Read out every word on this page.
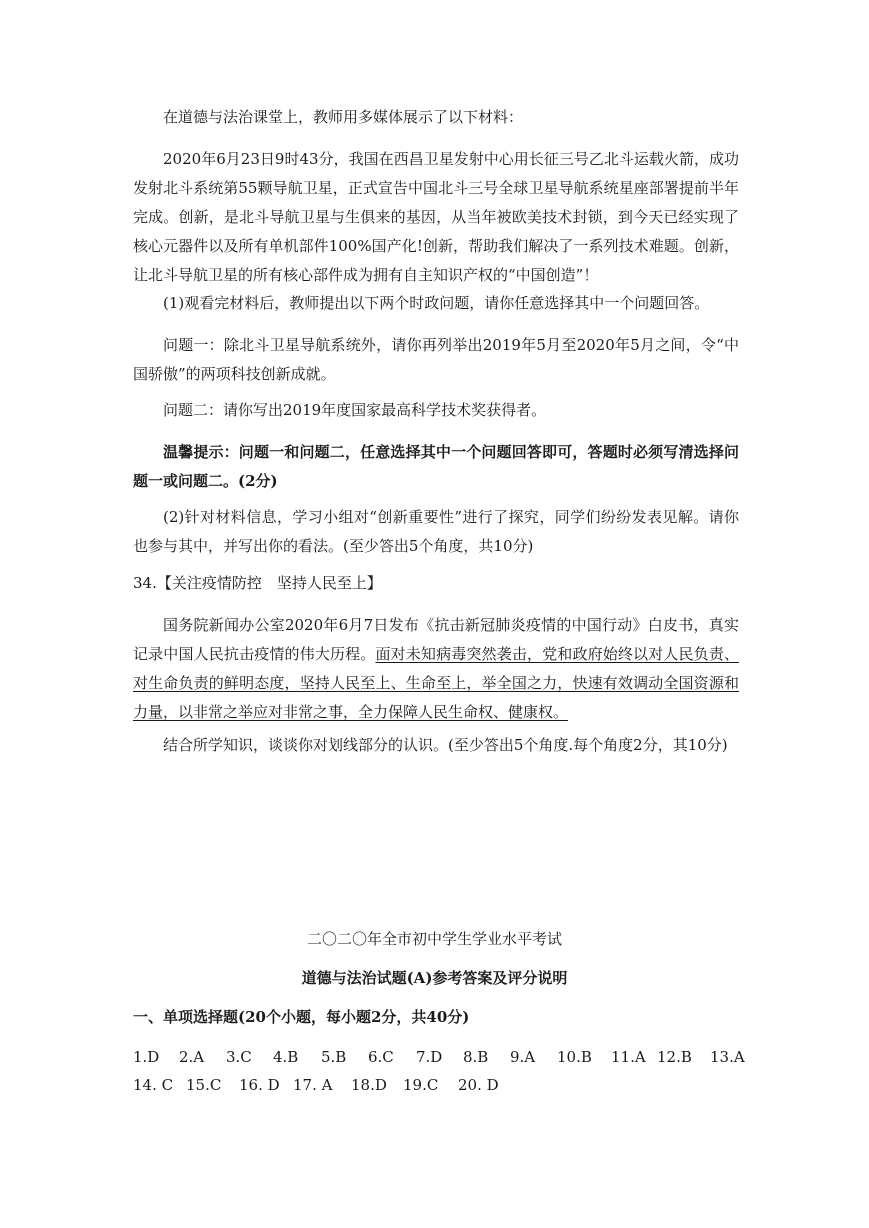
在道德与法治课堂上，教师用多媒体展示了以下材料：

2020年6月23日9时43分，我国在西昌卫星发射中心用长征三号乙北斗运载火箭，成功发射北斗系统第55颗导航卫星，正式宣告中国北斗三号全球卫星导航系统星座部署提前半年完成。创新，是北斗导航卫星与生俱来的基因，从当年被欧美技术封锁，到今天已经实现了核心元器件以及所有单机部件100%国产化!创新，帮助我们解决了一系列技术难题。创新，让北斗导航卫星的所有核心部件成为拥有自主知识产权的“中国创造”！

(1)观看完材料后，教师提出以下两个时政问题，请你任意选择其中一个问题回答。

问题一：除北斗卫星导航系统外，请你再列举出2019年5月至2020年5月之间，令“中国骄傲”的两项科技创新成就。

问题二：请你写出2019年度国家最高科学技术奖获得者。

温馨提示：问题一和问题二，任意选择其中一个问题回答即可，答题时必须写清选择问题一或问题二。(2分)

(2)针对材料信息，学习小组对“创新重要性”进行了探究，同学们纷纷发表见解。请你也参与其中，并写出你的看法。(至少答出5个角度，共10分)

34.【关注疫情防控　坚持人民至上】

国务院新闻办公室2020年6月7日发布《抗击新冠肺炎疫情的中国行动》白皮书，真实记录中国人民抗击疫情的伟大历程。面对未知病毒突然袭击，党和政府始终以对人民负责、对生命负责的鲜明态度，坚持人民至上、生命至上，举全国之力，快速有效调动全国资源和力量，以非常之举应对非常之事，全力保障人民生命权、健康权。

结合所学知识，谈谈你对划线部分的认识。(至少答出5个角度.每个角度2分，其10分)

二〇二〇年全市初中学生学业水平考试

道德与法治试题(A)参考答案及评分说明

一、单项选择题(20个小题，每小题2分，共40分)

1.D 2.A 3.C 4.B 5.B 6.C 7.D 8.B 9.A 10.B 11.A 12.B 13.A
14. C 15.C 16. D 17. A 18.D 19.C 20. D
